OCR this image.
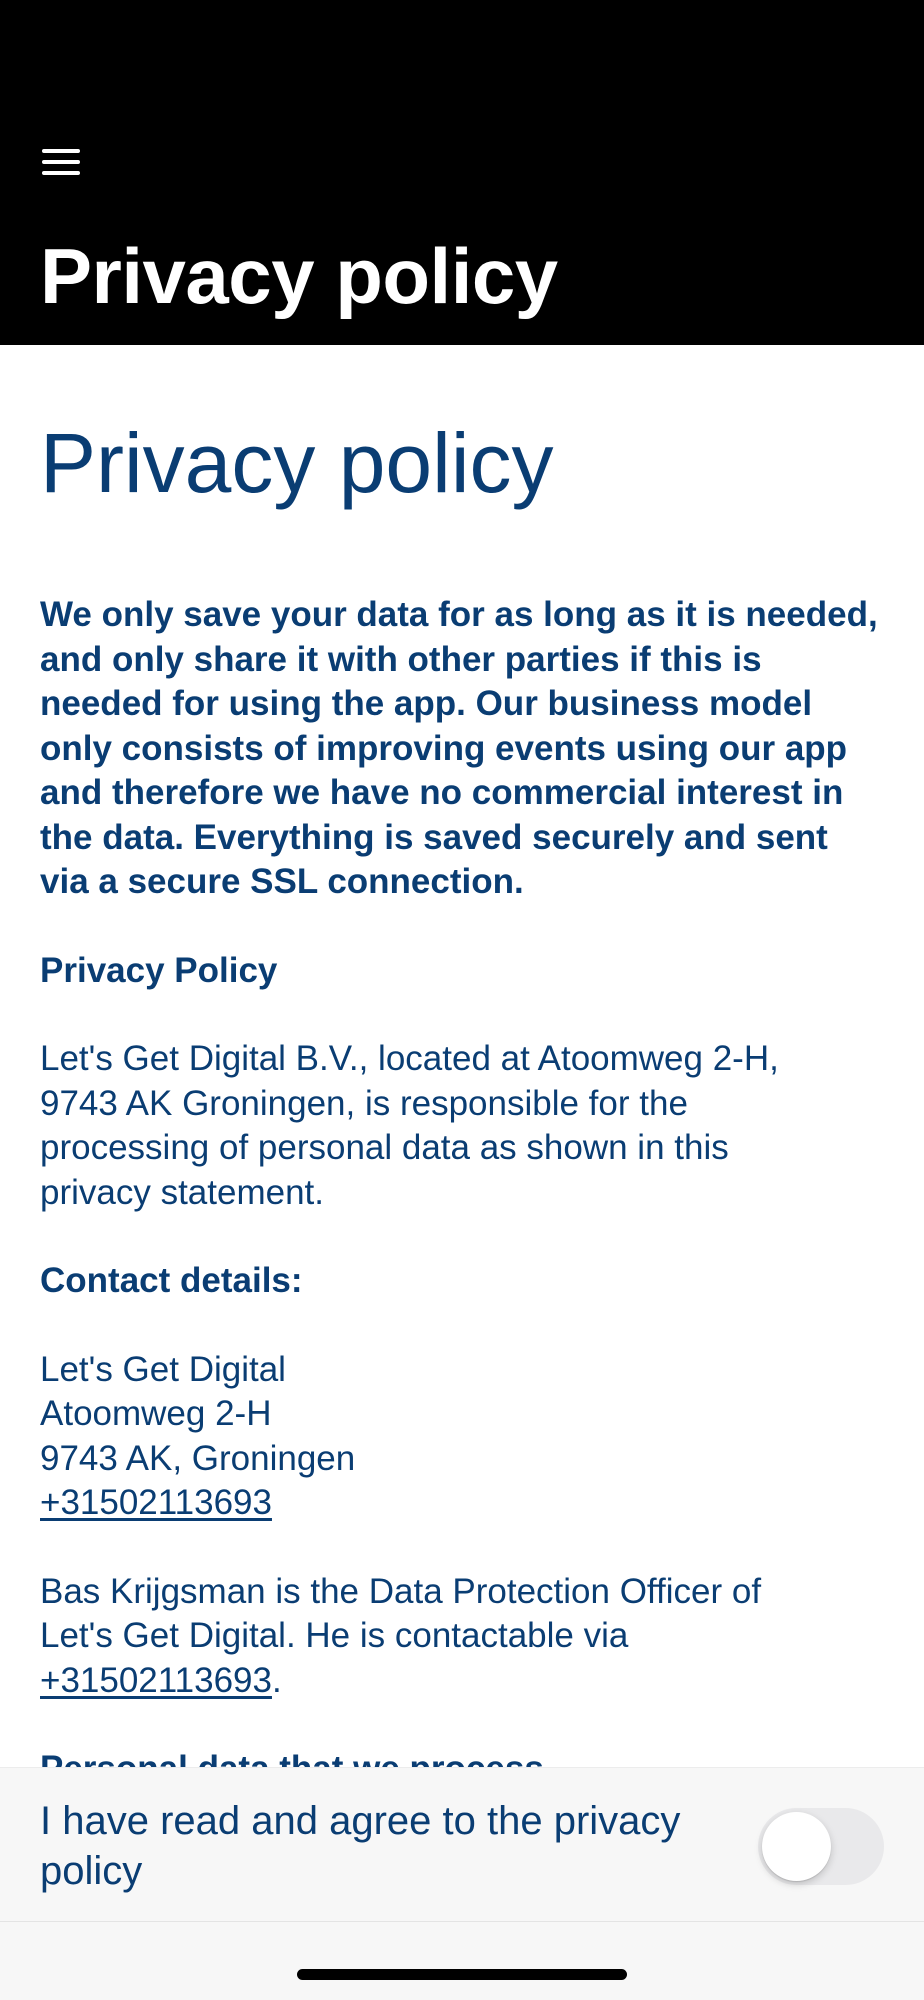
Privacy policy
Privacy policy
We only save your data for as long as it is needed, and only share it with other parties if this is needed for using the app. Our business model only consists of improving events using our app and therefore we have no commercial interest in the data. Everything is saved securely and sent via a secure SSL connection.
Privacy Policy
Let's Get Digital B.V., located at Atoomweg 2-H,
9743 AK Groningen, is responsible for the
processing of personal data as shown in this
privacy statement.
Contact details:
Let's Get Digital
Atoomweg 2-H
9743 AK, Groningen
+31502113693
Bas Krijgsman is the Data Protection Officer of
Let's Get Digital. He is contactable via
+31502113693.
I have read and agree to the privacy policy
